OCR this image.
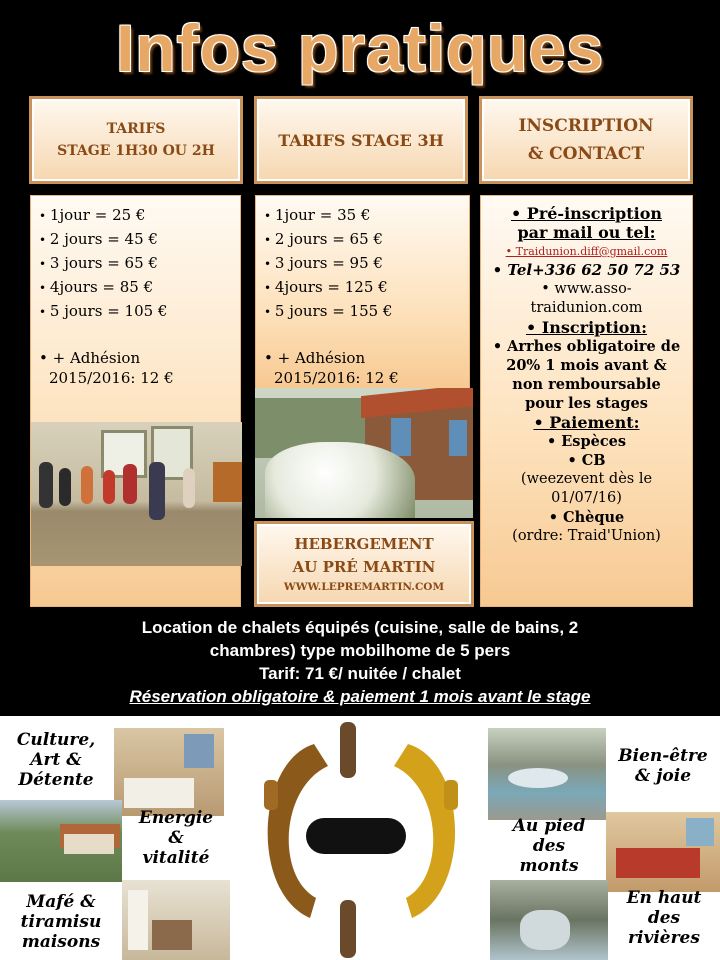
Infos pratiques
TARIFS
STAGE 1H30 OU 2H
TARIFS STAGE 3H
INSCRIPTION
& CONTACT
• 1jour = 25 €
• 2 jours = 45 €
• 3 jours = 65 €
• 4jours = 85 €
• 5 jours = 105 €
• + Adhésion
2015/2016: 12 €
• 1jour = 35 €
• 2 jours = 65 €
• 3 jours = 95 €
• 4jours = 125 €
• 5 jours = 155 €
• + Adhésion
2015/2016: 12 €
HEBERGEMENT
AU PRÉ MARTIN
WWW.LEPREMARTIN.COM
• Pré-inscription
par mail ou tel:
• Traidunion.diff@gmail.com
• Tel+336 62 50 72 53
• www.asso-
traidunion.com
• Inscription:
• Arrhes obligatoire de
20% 1 mois avant &
non remboursable
pour les stages
• Paiement:
• Espèces
• CB
(weezevent dès le
01/07/16)
• Chèque
(ordre: Traid'Union)
Location de chalets équipés (cuisine, salle de bains, 2
chambres) type mobilhome de 5 pers
Tarif: 71 €/ nuitée / chalet
Réservation obligatoire & paiement 1 mois avant le stage
Culture,
Art &
Détente
Energie
&
vitalité
Mafé &
tiramisu
maisons
Bien-être
& joie
Au pied
des
monts
En haut
des
rivières
